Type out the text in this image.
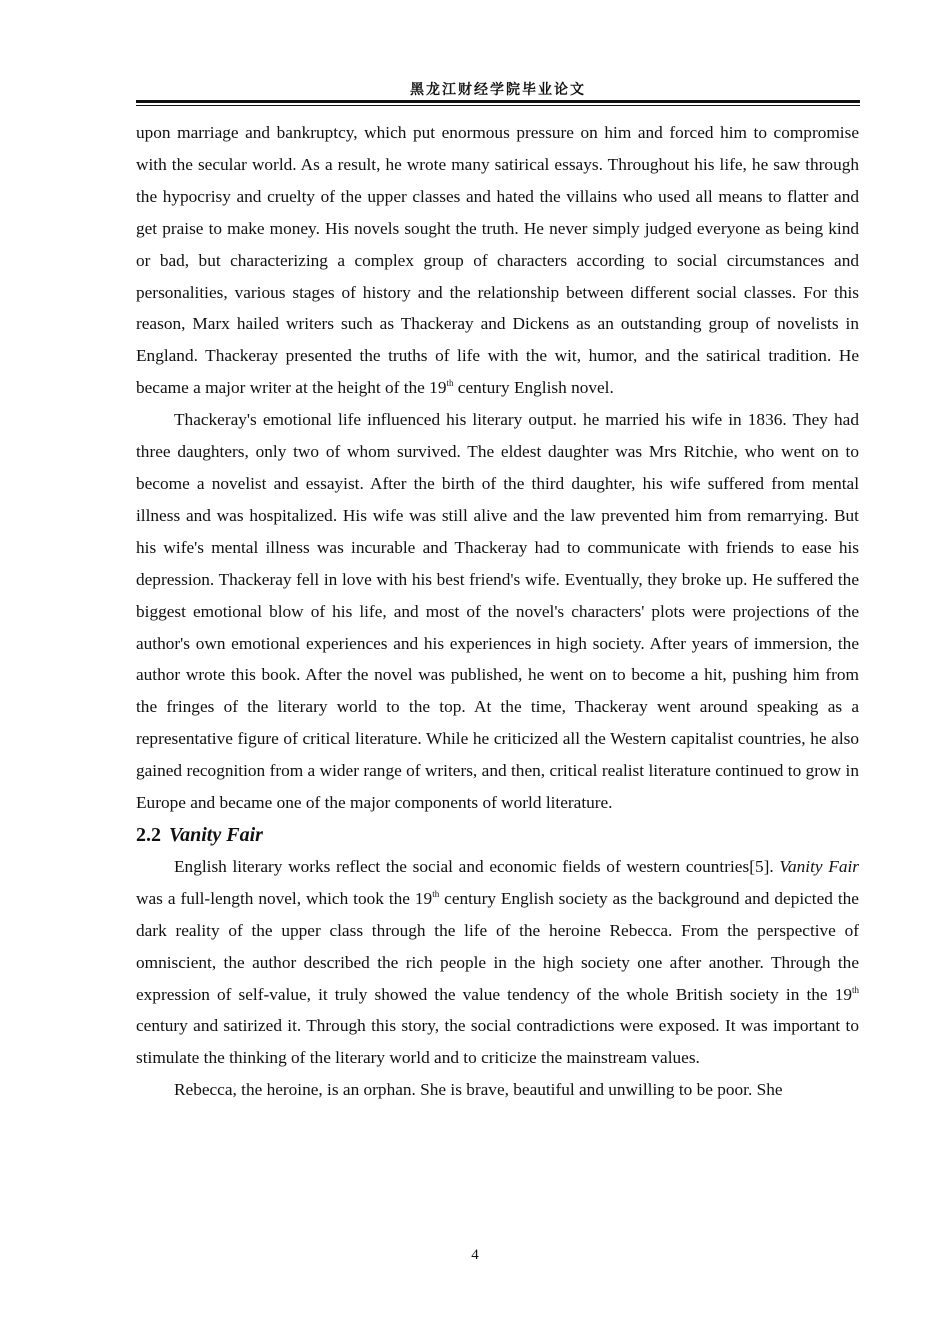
黑龙江财经学院毕业论文

upon marriage and bankruptcy, which put enormous pressure on him and forced him to compromise with the secular world. As a result, he wrote many satirical essays. Throughout his life, he saw through the hypocrisy and cruelty of the upper classes and hated the villains who used all means to flatter and get praise to make money. His novels sought the truth. He never simply judged everyone as being kind or bad, but characterizing a complex group of characters according to social circumstances and personalities, various stages of history and the relationship between different social classes. For this reason, Marx hailed writers such as Thackeray and Dickens as an outstanding group of novelists in England. Thackeray presented the truths of life with the wit, humor, and the satirical tradition. He became a major writer at the height of the 19th century English novel.

Thackeray's emotional life influenced his literary output. he married his wife in 1836. They had three daughters, only two of whom survived. The eldest daughter was Mrs Ritchie, who went on to become a novelist and essayist. After the birth of the third daughter, his wife suffered from mental illness and was hospitalized. His wife was still alive and the law prevented him from remarrying. But his wife's mental illness was incurable and Thackeray had to communicate with friends to ease his depression. Thackeray fell in love with his best friend's wife. Eventually, they broke up. He suffered the biggest emotional blow of his life, and most of the novel's characters' plots were projections of the author's own emotional experiences and his experiences in high society. After years of immersion, the author wrote this book. After the novel was published, he went on to become a hit, pushing him from the fringes of the literary world to the top. At the time, Thackeray went around speaking as a representative figure of critical literature. While he criticized all the Western capitalist countries, he also gained recognition from a wider range of writers, and then, critical realist literature continued to grow in Europe and became one of the major components of world literature.

2.2 Vanity Fair

English literary works reflect the social and economic fields of western countries[5]. Vanity Fair was a full-length novel, which took the 19th century English society as the background and depicted the dark reality of the upper class through the life of the heroine Rebecca. From the perspective of omniscient, the author described the rich people in the high society one after another. Through the expression of self-value, it truly showed the value tendency of the whole British society in the 19th century and satirized it. Through this story, the social contradictions were exposed. It was important to stimulate the thinking of the literary world and to criticize the mainstream values.

Rebecca, the heroine, is an orphan. She is brave, beautiful and unwilling to be poor. She

4
